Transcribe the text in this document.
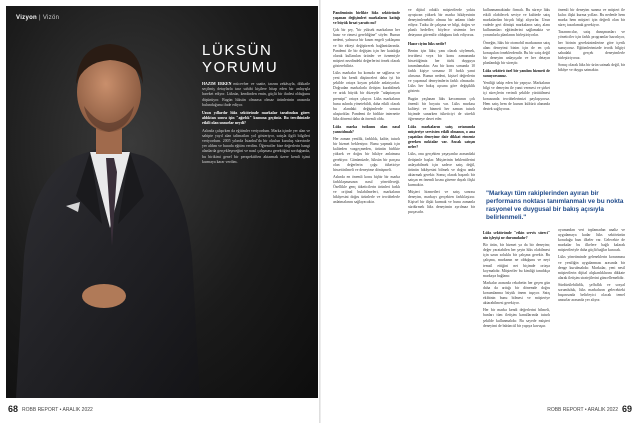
Vizyon | Vizön
LÜKSÜN
YORUMU

HAZIM ERKEN mücevher ve saatte, tarzını zekâsıyla, dikkatle seçilmiş detaylarla tarz sahibi kişilere hitap eden bir anlayışla hareket ediyor. Lüksün, kendinden emin, güçlü bir ifadesi olduğunu düşünüyor. Bugün lüksün olmazsa olmaz ürünlerinin arasında bulunduğunu ifade ediyor.

Uzun yıllardır lüks sektöründe markalar tarafından görev aldıktan sonra işin "ağırlık" kısmına geçtiniz. Bu tercihinizde etkili olan unsurlar neydi?

Aslında çalışırken da eğitimler veriyordum. Marka içinde yer alan ve sahipte yayıl alan talimatları yol gösteriyor, satışla ilgili bilgileri veriyordum. 2005 yılında İstanbul'da bir okulun kuruluş sürecinde yer aldım ve burada eğitim verdim. Öğrenciler bize değerlerin hangi alanlarda gerçekleşeceğini ve nasıl çalışması gerektiğini sorduğunda, bu birikimi genel bir perspektiften aktarmak üzere kendi işimi kurmaya karar verdim.

68 ROBB REPORT • ARALIK 2022

Pandeminin birlikte lüks sektöründe yaşanan değişimleri markaların kattığı ve büyük fırsat yarattı mı?

Çok bir şey, "bir yüksek markaların her hazır ve rimesi gereldiğine" söyler. Bunun nedeni, yalnızca bir kısım engeli yaklaşımı ve bir ekteyi değiştirerek bağlantılarında. Pandemi ile bir değişim için her kataloğa olarak kullanılan ürünler ve öznemiyle müşteri nezdindeki değerlerini örnek olarak gösterebiliriz.

Lüks markalar bu konuda ne sağlarsa ve yeni biz kendi düşünceleri daha iyi bir şekilde ortaya koyan şekilde anlatıyorlar. Doğrudan markalarla iletişim kurabilmek ve artık büyük bir düzeyde "adaptasyon prensipi" ortaya çıkıyor. Lüks markaların bunu aslında yönetebildi, daha etkili olarak bu alandaki değişimlerde sonuca ulaştırdılar. Pandemi ile birlikte internette lüks dönemi daha da önemli oldu.

Lüks marka tutkunu olan nasıl yansıtılmalı?

Her zaman yenilik, farklılık, kalite, tutarlı bir hizmet bekleniyor. Bunu yapmak için kaliteden vazgeçmeden, ürünün birlikte yüksek ve doğru bir hikâye anlatması gerekiyor. Günümüzde, lüksün bir parçası olan değerlerin çoğu tüketiciye hissettirilmeli ve deneyime dönüşmeli.

Aslında en önemli konu hiçbir bir marka farklılaşmasının nasıl yönetileceği. Özellikle genç tüketicilerin ürünleri farklı ve orijinal bulabilmeleri, markaların hikâyesini doğru ürünlerle ve tecrübelerle anlatmalarını sağlayacaktır.

ve dijital odaklı müşterilerde yoktu ayrıştıran yüksek bir marka hikâyesinin deneyimlenebilir olması bir anlamı ifade ediyor. Tutku ile çalışma ve bilgi, doğru ve planlı hedefler; böylece sistemin her detayının güvenilir olduğunu fark ediyoruz.

Hazır ciyim lüks nedir?

Benim için lüks; yanı olarak söylemek, tecrübesi veya bir konu zamanında hissettiğimiz her türlü duyguyu tanımlamaktır. Anı bir konu sonunda 10 farklı kişiye sorsanız 10 farklı yanıt alırsınız. Bunun nedeni, kişisel değerlerin ve yaşamsal deneyimlerin farklı olmasıdır. Lüks her bakış açısına göre değişiklik gösterir.

Bugün yaşlanan lüks kavramının çok önemli bir boyutu var. Lüks markası kaliteyi ve hizmeti her zaman tutarlı biçimde sunarken tüketiciyi de sürekli öğrenmeye davet eder.

Lüks markaların satış ortamında müşteriye servisten etkili olmanın, o ana yaşatılan deneyime dair dikkat etmeniz gereken noktalar var. Ancak satışın neler?

Lüks, onu gerçekten yaşayanlar arasındaki iletişimle başlar. Müşterinin beklentilerini anlayabilmek için sadece satış değil, ürünün hikâyesini bilmek ve doğru anda aktarmak gerekir. Sonuç olarak başarılı bir satışın en önemli kısmı güvene dayalı ilişki kurmaktır.

Müşteri hizmetleri ve satış sonrası deneyim, markayı gerçekten farklılaştırır. Kişisel bir ilişki kurmak ve bunu zamanla sürdürmek lüks deneyimin ayrılmaz bir parçasıdır.

kullanmamaktadır firmalı. Bu süreçe lüks etkili olabilecek seviye ve kalitede satış markalardan birçok bilgi alıyorlar. Uzun vadede geri dönüşü markaların satış alanı kullanımları eğitimlerini sağlamakta ve yorumlarla planlarını birleştiriyorlar.

Örneğin, lüks bir otomobil markasının satış alanı deneyimi bizim için de en çok konuşulan örneklerdendir. Bu bir satış değil bir deneyim anlayışıdır ve her detayın planlandığı bir süreçtir.

Lüks sektörü özel bir yanılım hizmeti de sunuyorsunuz.

Yeniliği takip eden bir yapıyız. Markaların bilgi ve deneyim ile yanıt vermesi ve şirket içi süreçlerin verimli şekilde yürütülmesi konusunda tecrübelerimizi paylaşıyoruz. Hem satış hem de kurum kültürü alanında destek sağlıyoruz.

önemli bir deneyim sunma ve müşteri ile kalıcı ilişki kurma yolları. Bu nedenle hem marka hem müşteri için değerli olan bir süreç tasarlamak gerekiyor.

Tasarımcılar, satış danışmanları ve yöneticiler için farklı programlar hazırlıyor, her birinin gereksinimlerine göre içerik sunuyoruz. Eğitimlerimizde teorik bilgiyi sahadaki gerçek deneyimlerle birleştiriyoruz.

Sonuç olarak lüks bir ürün satmak değil, bir hikâye ve duygu satmaktır.

"Markayı tüm rakiplerinden ayıran bir performans noktası tanımlanmalı ve bu nokta rasyonel ve duygusal bir bakış açısıyla belirlenmeli."

Lüks sektöründe "etkin servis süreci" nin işleyişi ne durumdadır?

Bir ürün, bir hizmet ya da bir deneyim; değer yaratabilen her şeyin lüks olabilmesi için uzun soluklu bir çalışma gerekir. Bu çalışma, markanın ne olduğunu ve neyi temsil ettiğini net biçimde ortaya koymalıdır. Müşteriler bu kimliği tanıdıkça markaya bağlanır.

Markalar arasında rekabetin her geçen gün daha da arttığı bir dönemde doğru konumlanma büyük önem taşıyor. Satış ekibinin bunu bilmesi ve müşteriye aktarabilmesi gerekiyor.

Her bir marka kendi değerlerini bilmeli, bunları tüm iletişim kanallarında tutarlı şekilde kullanmalıdır. Bu sayede müşteri deneyimi de bütüncül bir yapıya kavuşur.

oyunundan veri toplamadan analiz ve uygulamaya kadar lüks sektörünün koruduğu bazı ilkeler var. Gelecekte de markalar bu ilkelere bağlı kalarak müşterileriyle daha güçlü bağlar kuracak.

Lüks yönetiminde geleneklerin korunması ve yeniliğin uygulanması arasında bir denge kurulmalıdır. Markalar, yeni nesil müşterilerin dijital alışkanlıklarını dikkate alarak iletişim stratejilerini güncellemelidir.

Sürdürülebilirlik, şeffaflık ve sosyal sorumluluk, lüks markaların gelecekteki başarısında belirleyici olacak temel unsurlar arasında yer alıyor.

ROBB REPORT • ARALIK 2022 69
